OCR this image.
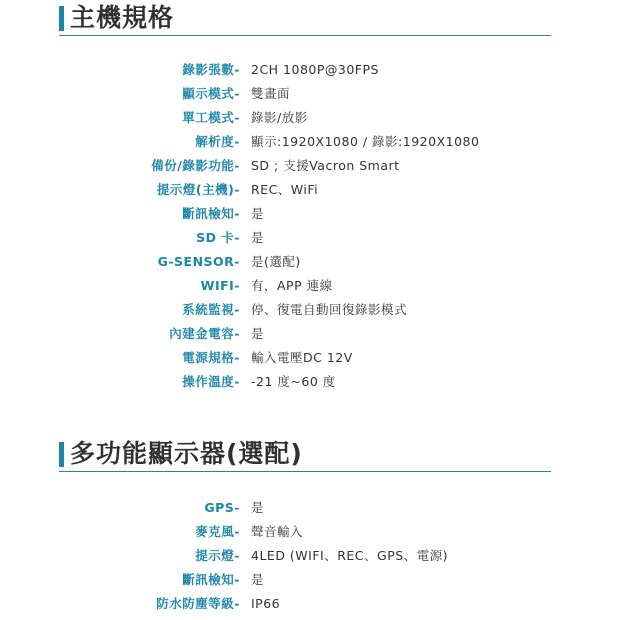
主機規格
錄影張數- 2CH 1080P@30FPS
顯示模式- 雙畫面
單工模式- 錄影/放影
解析度- 顯示:1920X1080 / 錄影:1920X1080
備份/錄影功能- SD ; 支援Vacron Smart
提示燈(主機)- REC、WiFi
斷訊檢知- 是
SD 卡- 是
G-SENSOR- 是(選配)
WIFI- 有，APP 連線
系統監視- 停、復電自動回復錄影模式
內建金電容- 是
電源規格- 輸入電壓DC 12V
操作溫度- -21 度~60 度
多功能顯示器(選配)
GPS- 是
麥克風- 聲音輸入
提示燈- 4LED (WIFI、REC、GPS、電源)
斷訊檢知- 是
防水防塵等級- IP66
